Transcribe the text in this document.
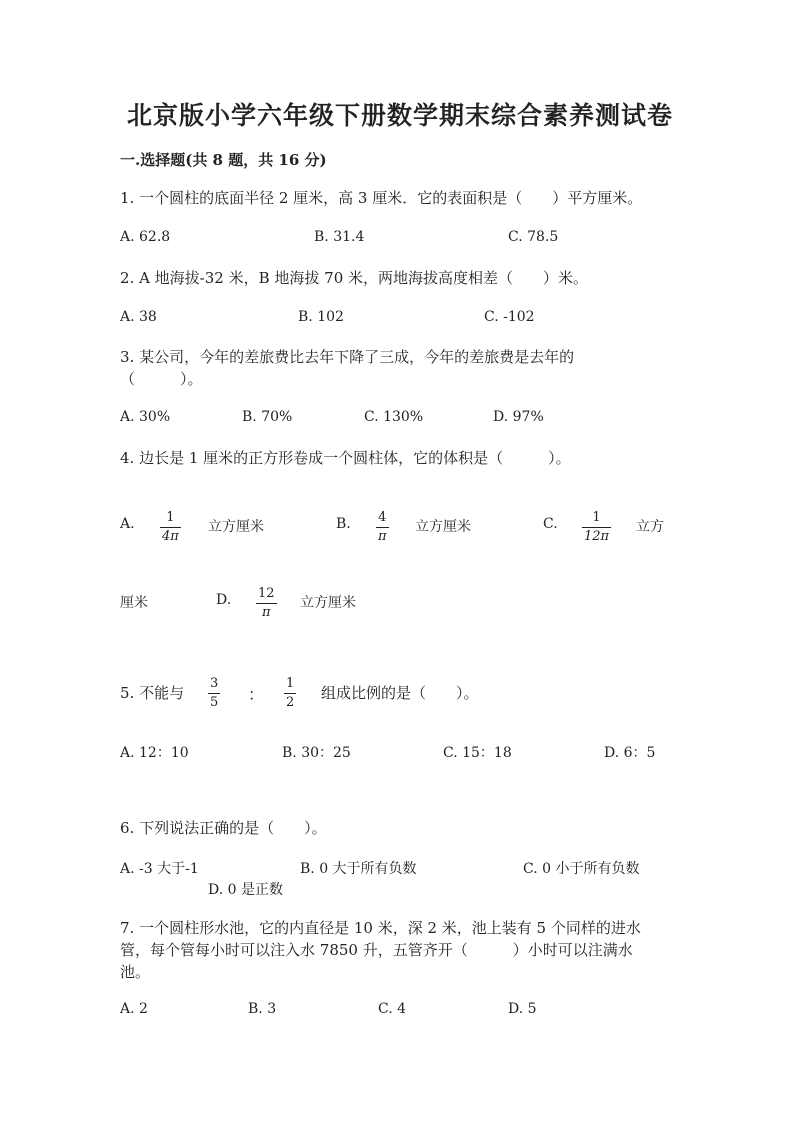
北京版小学六年级下册数学期末综合素养测试卷
一.选择题(共 8 题，共 16 分)
1. 一个圆柱的底面半径 2 厘米，高 3 厘米．它的表面积是（　　）平方厘米。
A. 62.8	B. 31.4	C. 78.5
2. A 地海拔-32 米，B 地海拔 70 米，两地海拔高度相差（　　）米。
A. 38	B. 102	C. -102
3. 某公司，今年的差旅费比去年下降了三成，今年的差旅费是去年的
（　　　）。
A. 30%	B. 70%	C. 130%	D. 97%
4. 边长是 1 厘米的正方形卷成一个圆柱体，它的体积是（　　　）。
A. 1
4π
立方厘米	B. 4
π
立方厘米	C.	1
12π
立方
厘米	D. 12
π
立方厘米
5. 不能与
3
5 ：
1
2
组成比例的是（　　）。
A. 12：10	B. 30：25	C. 15：18	D. 6：5
6. 下列说法正确的是（　　）。
A. -3 大于-1	B. 0 大于所有负数	C. 0 小于所有负数
D. 0 是正数
7. 一个圆柱形水池，它的内直径是 10 米，深 2 米，池上装有 5 个同样的进水
管，每个管每小时可以注入水 7850 升，五管齐开（　　　）小时可以注满水
池。
A. 2	B. 3	C. 4	D. 5
